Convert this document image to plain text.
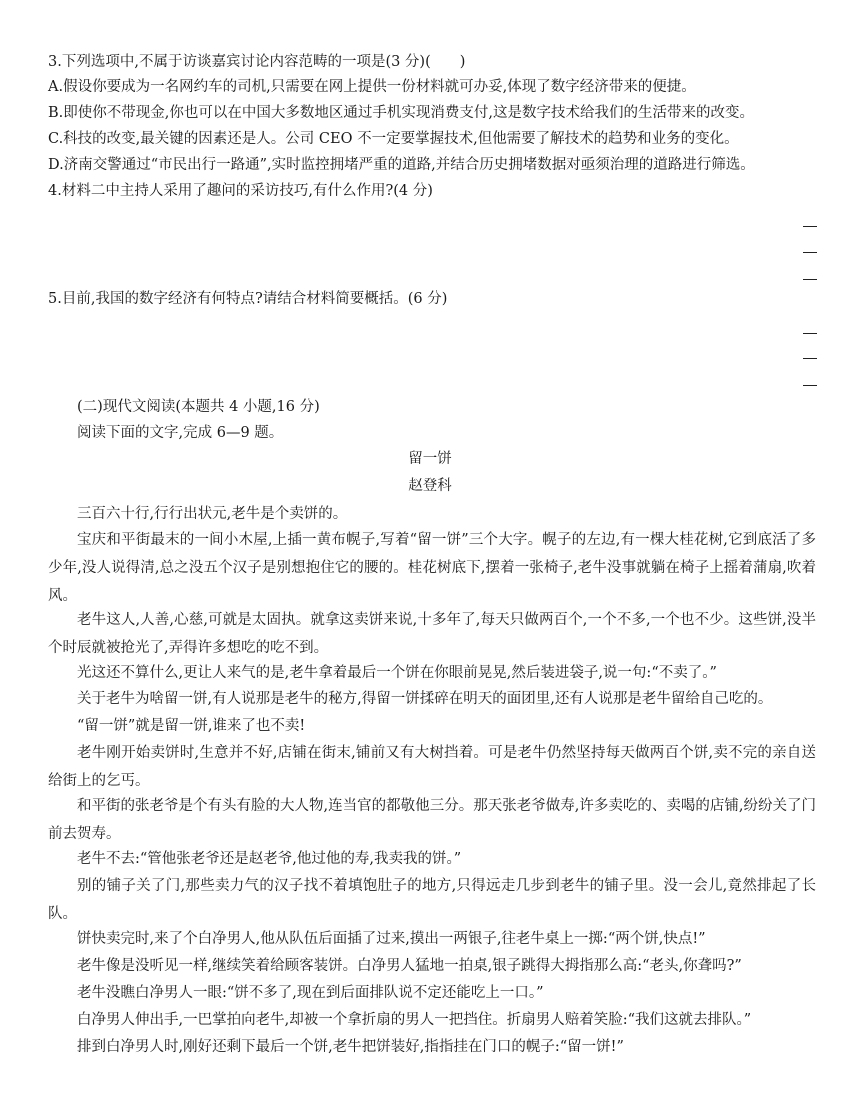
3.下列选项中,不属于访谈嘉宾讨论内容范畴的一项是(3 分)(　　)
A.假设你要成为一名网约车的司机,只需要在网上提供一份材料就可办妥,体现了数字经济带来的便捷。
B.即使你不带现金,你也可以在中国大多数地区通过手机实现消费支付,这是数字技术给我们的生活带来的改变。
C.科技的改变,最关键的因素还是人。公司 CEO 不一定要掌握技术,但他需要了解技术的趋势和业务的变化。
D.济南交警通过“市民出行一路通”,实时监控拥堵严重的道路,并结合历史拥堵数据对亟须治理的道路进行筛选。
4.材料二中主持人采用了趣问的采访技巧,有什么作用?(4 分)
5.目前,我国的数字经济有何特点?请结合材料简要概括。(6 分)
(二)现代文阅读(本题共 4 小题,16 分)
阅读下面的文字,完成 6—9 题。
留一饼
赵登科
三百六十行,行行出状元,老牛是个卖饼的。
宝庆和平街最末的一间小木屋,上插一黄布幌子,写着“留一饼”三个大字。幌子的左边,有一棵大桂花树,它到底活了多少年,没人说得清,总之没五个汉子是别想抱住它的腰的。桂花树底下,摆着一张椅子,老牛没事就躺在椅子上摇着蒲扇,吹着风。
老牛这人,人善,心慈,可就是太固执。就拿这卖饼来说,十多年了,每天只做两百个,一个不多,一个也不少。这些饼,没半个时辰就被抢光了,弄得许多想吃的吃不到。
光这还不算什么,更让人来气的是,老牛拿着最后一个饼在你眼前晃晃,然后装进袋子,说一句:“不卖了。”
关于老牛为啥留一饼,有人说那是老牛的秘方,得留一饼揉碎在明天的面团里,还有人说那是老牛留给自己吃的。
“留一饼”就是留一饼,谁来了也不卖!
老牛刚开始卖饼时,生意并不好,店铺在街末,铺前又有大树挡着。可是老牛仍然坚持每天做两百个饼,卖不完的亲自送给街上的乞丐。
和平街的张老爷是个有头有脸的大人物,连当官的都敬他三分。那天张老爷做寿,许多卖吃的、卖喝的店铺,纷纷关了门前去贺寿。
老牛不去:“管他张老爷还是赵老爷,他过他的寿,我卖我的饼。”
别的铺子关了门,那些卖力气的汉子找不着填饱肚子的地方,只得远走几步到老牛的铺子里。没一会儿,竟然排起了长队。
饼快卖完时,来了个白净男人,他从队伍后面插了过来,摸出一两银子,往老牛桌上一掷:“两个饼,快点!”
老牛像是没听见一样,继续笑着给顾客装饼。白净男人猛地一拍桌,银子跳得大拇指那么高:“老头,你聋吗?”
老牛没瞧白净男人一眼:“饼不多了,现在到后面排队说不定还能吃上一口。”
白净男人伸出手,一巴掌拍向老牛,却被一个拿折扇的男人一把挡住。折扇男人赔着笑脸:“我们这就去排队。”
排到白净男人时,刚好还剩下最后一个饼,老牛把饼装好,指指挂在门口的幌子:“留一饼!”
